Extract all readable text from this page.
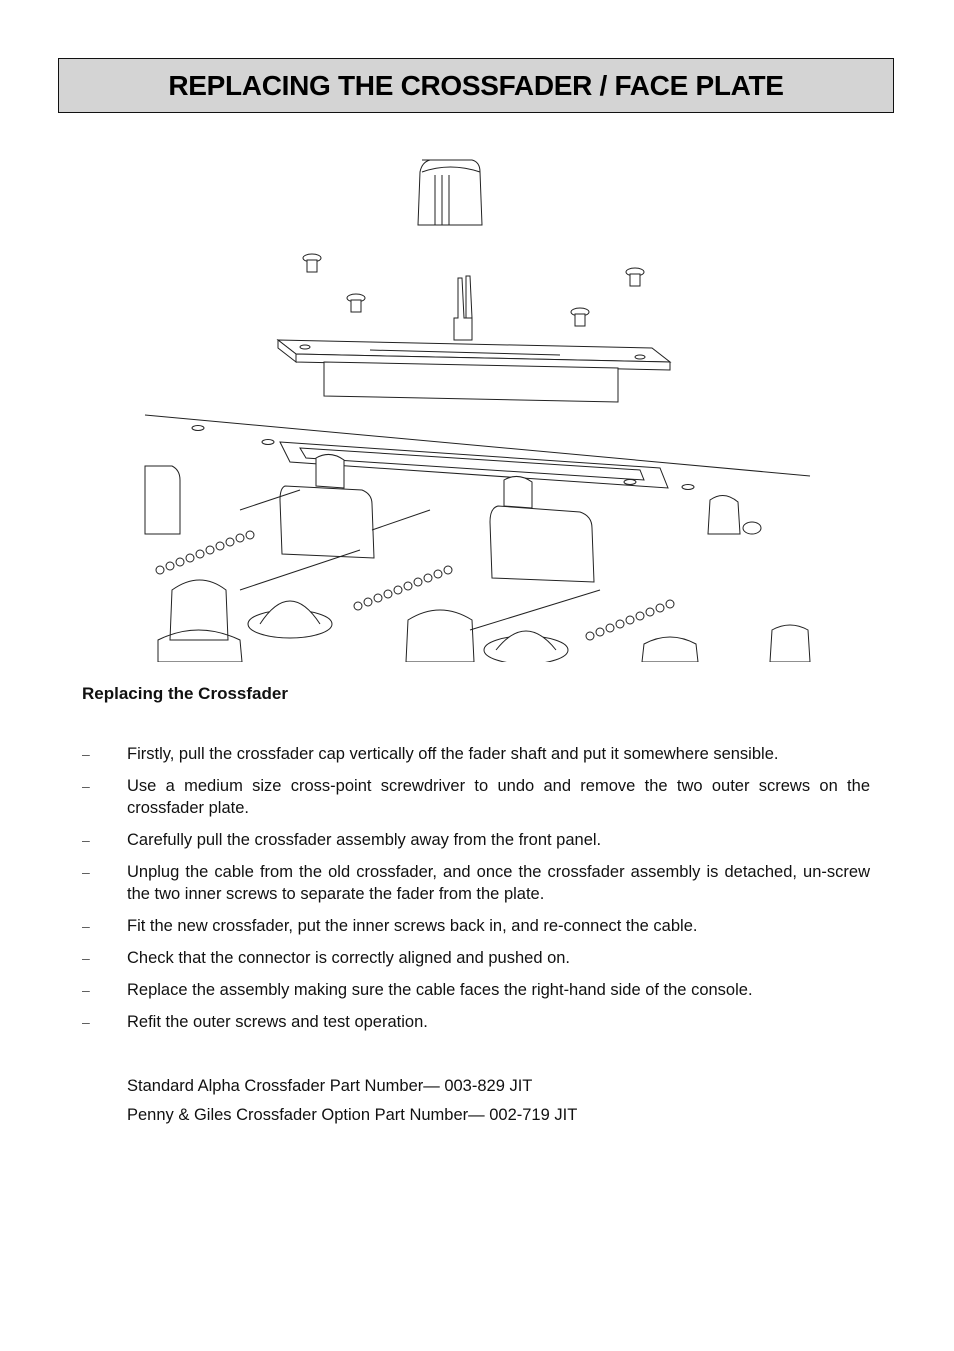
REPLACING THE CROSSFADER / FACE PLATE
Replacing the Crossfader
– Firstly, pull the crossfader cap vertically off the fader shaft and put it somewhere sensible.
– Use a medium size cross-point screwdriver to undo and remove the two outer screws on the crossfader plate.
– Carefully pull the crossfader assembly away from the front panel.
– Unplug the cable from the old crossfader, and once the crossfader assembly is detached, un-screw the two inner screws to separate the fader from the plate.
– Fit the new crossfader, put the inner screws back in, and re-connect the cable.
– Check that the connector is correctly aligned and pushed on.
– Replace the assembly making sure the cable faces the right-hand side of the console.
– Refit the outer screws and test operation.
Standard Alpha Crossfader Part Number— 003-829 JIT
Penny & Giles Crossfader Option Part Number— 002-719 JIT
